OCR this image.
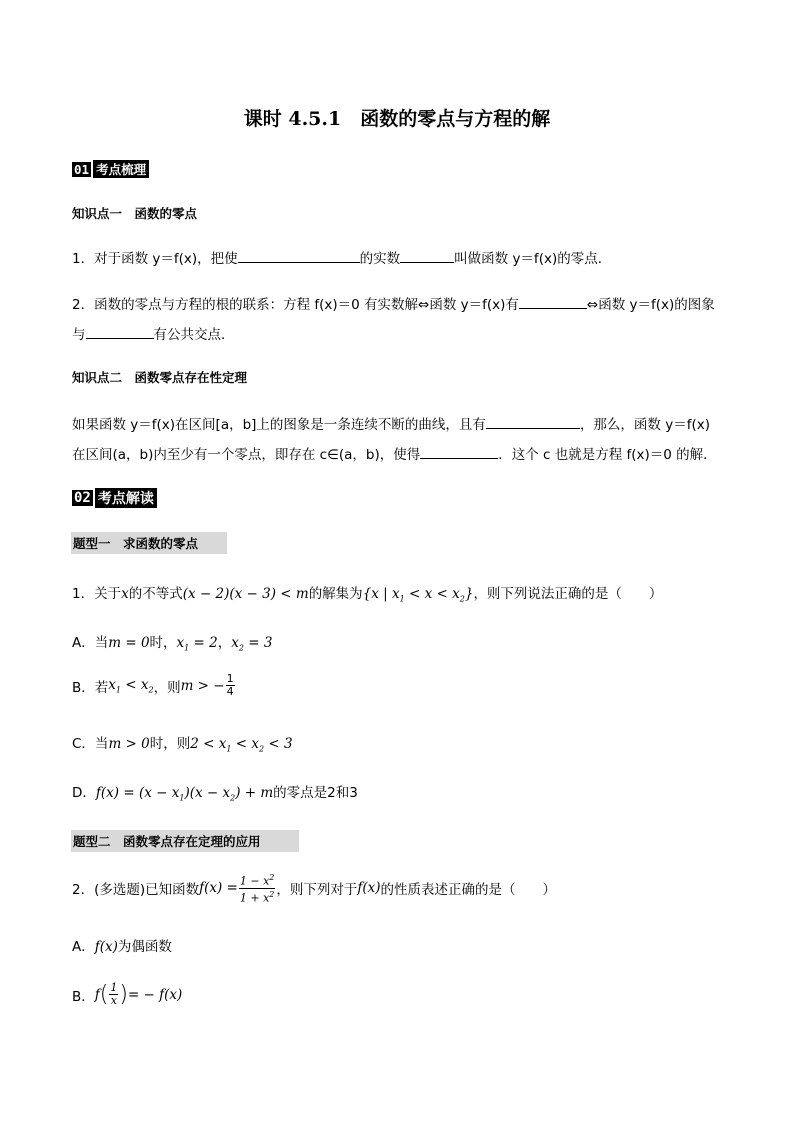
课时 4.5.1　函数的零点与方程的解
01 考点梳理
知识点一　函数的零点
1．对于函数 y＝f(x)，把使	的实数	叫做函数 y＝f(x)的零点．
2．函数的零点与方程的根的联系：方程 f(x)＝0 有实数解⇔函数 y＝f(x)有	⇔函数 y＝f(x)的图象
与	有公共交点．
知识点二　函数零点存在性定理
如果函数 y＝f(x)在区间[a，b]上的图象是一条连续不断的曲线，且有	，那么，函数 y＝f(x)
在区间(a，b)内至少有一个零点，即存在 c∈(a，b)，使得	．这个 c 也就是方程 f(x)＝0 的解．
02 考点解读
题型一　求函数的零点
1．关于x的不等式(x − 2)(x − 3) < m的解集为{x | $x_1 < x < x_2$}，则下列说法正确的是（　　）
A．当m = 0时，$x_1 = 2$，$x_2 = 3$
B．若 $x_1 < x_2$ ，则 m > − $\frac{1}{4}$
C．当m > 0时，则$2 < x_1 < x_2 < 3$
D．$f(x) = (x - x_1)(x - x_2) + m$的零点是2和3
题型二　函数零点存在定理的应用
2．(多选题)已知函数 $f(x) = \frac{1 - x^2}{1 + x^2}$ ，则下列对于 f(x) 的性质表述正确的是（　　）
A．f(x)为偶函数
B． f ( $\frac{1}{x}$ ) = − f(x)
